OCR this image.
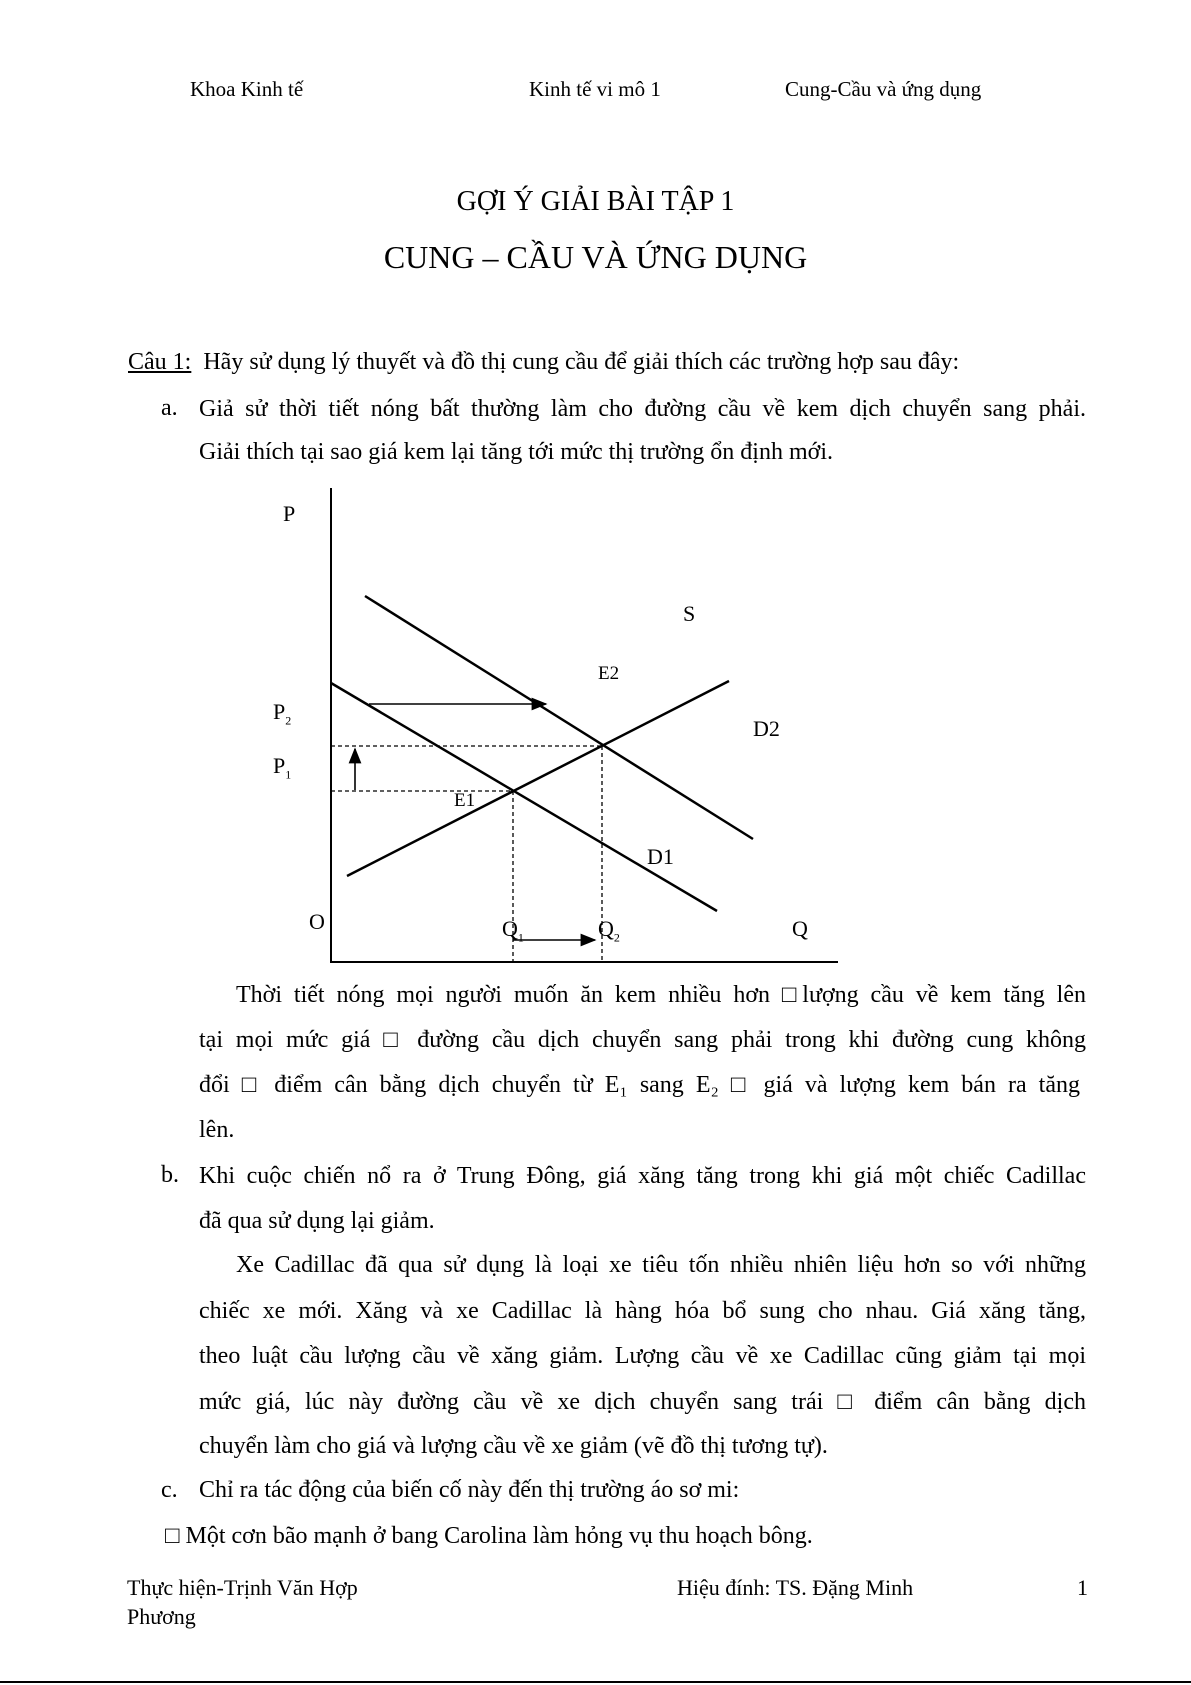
Khoa Kinh tế	Kinh tế vi mô 1	Cung-Cầu và ứng dụng
GỢI Ý GIẢI BÀI TẬP 1
CUNG – CẦU VÀ ỨNG DỤNG
Câu 1: Hãy sử dụng lý thuyết và đồ thị cung cầu để giải thích các trường hợp sau đây:
a. Giả sử thời tiết nóng bất thường làm cho đường cầu về kem dịch chuyển sang phải.
Giải thích tại sao giá kem lại tăng tới mức thị trường ổn định mới.
P
S
E2
$P_2$	D2
$P_1$
E1
D1
O	$Q_1$	$Q_2$	Q
Thời tiết nóng mọi người muốn ăn kem nhiều hơn □lượng cầu về kem tăng lên
tại mọi mức giá □ đường cầu dịch chuyển sang phải trong khi đường cung không
đổi □ điểm cân bằng dịch chuyển từ E₁ sang E₂ □ giá và lượng kem bán ra tăng
lên.
b. Khi cuộc chiến nổ ra ở Trung Đông, giá xăng tăng trong khi giá một chiếc Cadillac
đã qua sử dụng lại giảm.
Xe Cadillac đã qua sử dụng là loại xe tiêu tốn nhiều nhiên liệu hơn so với những
chiếc xe mới. Xăng và xe Cadillac là hàng hóa bổ sung cho nhau. Giá xăng tăng,
theo luật cầu lượng cầu về xăng giảm. Lượng cầu về xe Cadillac cũng giảm tại mọi
mức giá, lúc này đường cầu về xe dịch chuyển sang trái □ điểm cân bằng dịch
chuyển làm cho giá và lượng cầu về xe giảm (vẽ đồ thị tương tự).
c. Chỉ ra tác động của biến cố này đến thị trường áo sơ mi:
□ Một cơn bão mạnh ở bang Carolina làm hỏng vụ thu hoạch bông.
Thực hiện-Trịnh Văn Hợp
Phương
Hiệu đính: TS. Đặng Minh	1
